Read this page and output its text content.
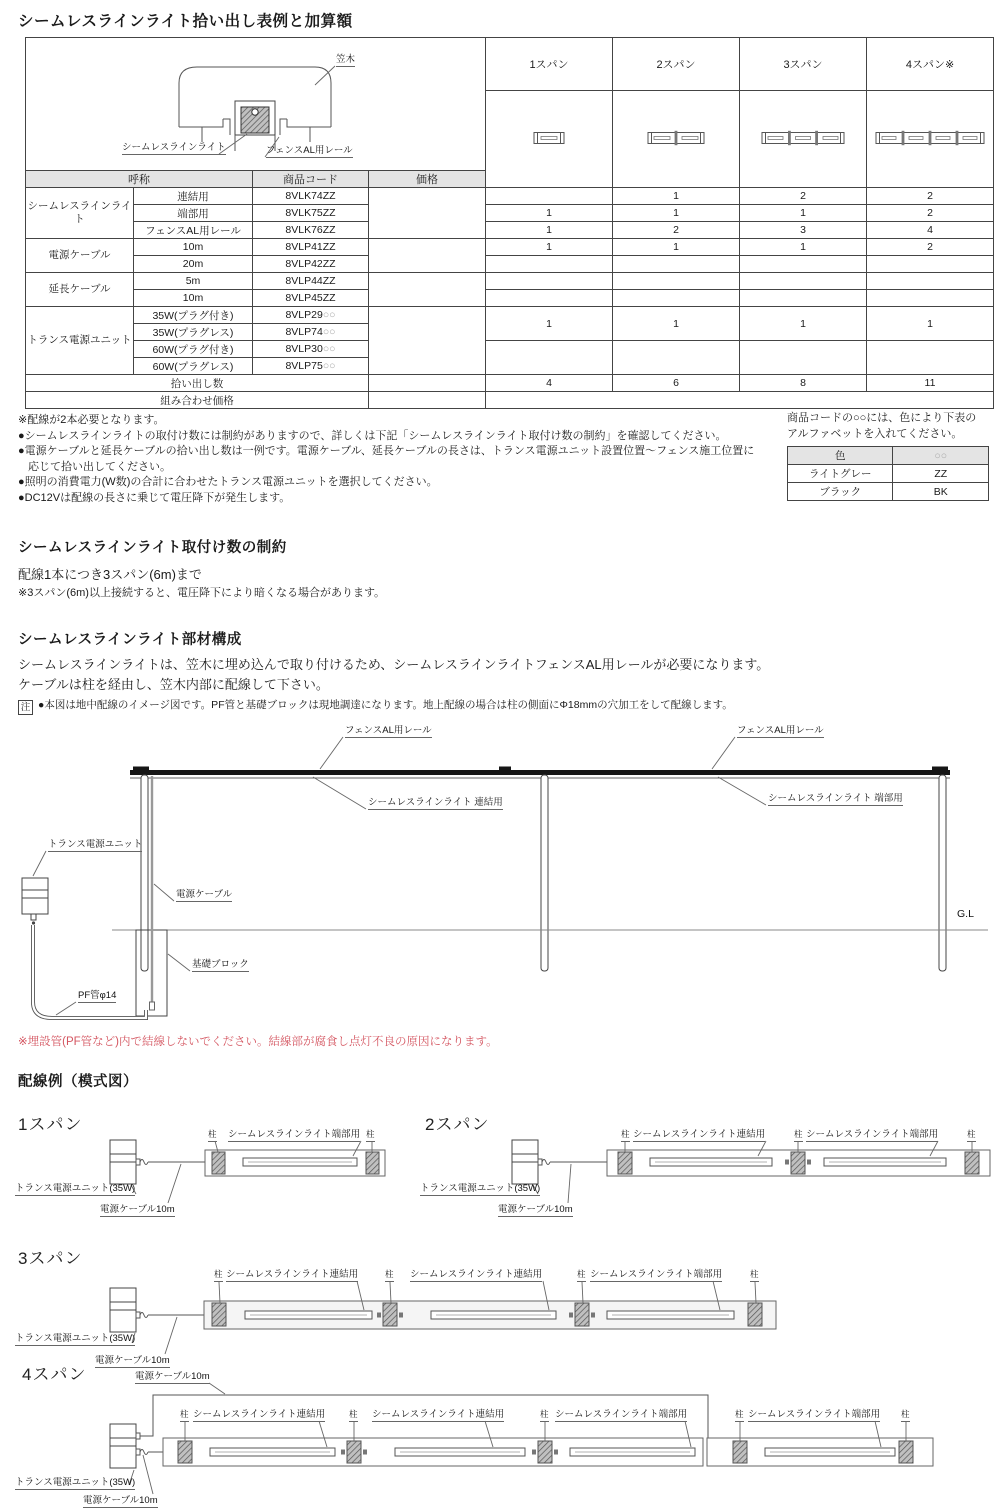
シームレスラインライト拾い出し表例と加算額
笠木
シームレスラインライト フェンスAL用レール				1スパン	2スパン	3スパン	4スパン※

呼称		商品コード	価格				
シームレスラインライト	連結用	8VLK74ZZ			1	2	2
	端部用	8VLK75ZZ		1	1	1	2
	フェンスAL用レール	8VLK76ZZ		1	2	3	4
電源ケーブル	10m	8VLP41ZZ		1	1	1	2
	20m	8VLP42ZZ					
延長ケーブル	5m	8VLP44ZZ					
	10m	8VLP45ZZ					
トランス電源ユニット	35W(プラグ付き)	8VLP29○○		1	1	1	1
	35W(プラグレス)	8VLP74○○					
	60W(プラグ付き)	8VLP30○○					
	60W(プラグレス)	8VLP75○○					
拾い出し数				4	6	8	11
組み合わせ価格							
※配線が2本必要となります。
●シームレスラインライトの取付け数には制約がありますので、詳しくは下記「シームレスラインライト取付け数の制約」を確認してください。
●電源ケーブルと延長ケーブルの拾い出し数は一例です。電源ケーブル、延長ケーブルの長さは、トランス電源ユニット設置位置～フェンス施工位置に
応じて拾い出してください。
●照明の消費電力(W数)の合計に合わせたトランス電源ユニットを選択してください。
●DC12Vは配線の長さに乗じて電圧降下が発生します。
商品コードの○○には、色により下表の
アルファベットを入れてください。
色	○○
ライトグレー	ZZ
ブラック	BK
シームレスラインライト取付け数の制約
配線1本につき3スパン(6m)まで
※3スパン(6m)以上接続すると、電圧降下により暗くなる場合があります。
シームレスラインライト部材構成
シームレスラインライトは、笠木に埋め込んで取り付けるため、シームレスラインライトフェンスAL用レールが必要になります。
ケーブルは柱を経由し、笠木内部に配線して下さい。
注 ●本図は地中配線のイメージ図です。PF管と基礎ブロックは現地調達になります。地上配線の場合は柱の側面にΦ18mmの穴加工をして配線します。
フェンスAL用レール
シームレスラインライト 連結用
フェンスAL用レール
シームレスラインライト 端部用
トランス電源ユニット
電源ケーブル
基礎ブロック
PF管φ14
G.L
※埋設管(PF管など)内で結線しないでください。結線部が腐食し点灯不良の原因になります。
配線例（模式図）
1スパン	2スパン
3スパン
4スパン
柱 シームレスラインライト端部用 柱
トランス電源ユニット(35W)
電源ケーブル10m
柱 シームレスラインライト連結用	柱 シームレスラインライト端部用	柱
トランス電源ユニット(35W)
電源ケーブル10m
柱 シームレスラインライト連結用	柱 シームレスラインライト連結用	柱 シームレスラインライト端部用	柱
トランス電源ユニット(35W)
電源ケーブル10m
電源ケーブル10m
柱 シームレスラインライト連結用	柱 シームレスラインライト連結用	柱 シームレスラインライト端部用	柱 シームレスラインライト端部用 柱
トランス電源ユニット(35W)
電源ケーブル10m
